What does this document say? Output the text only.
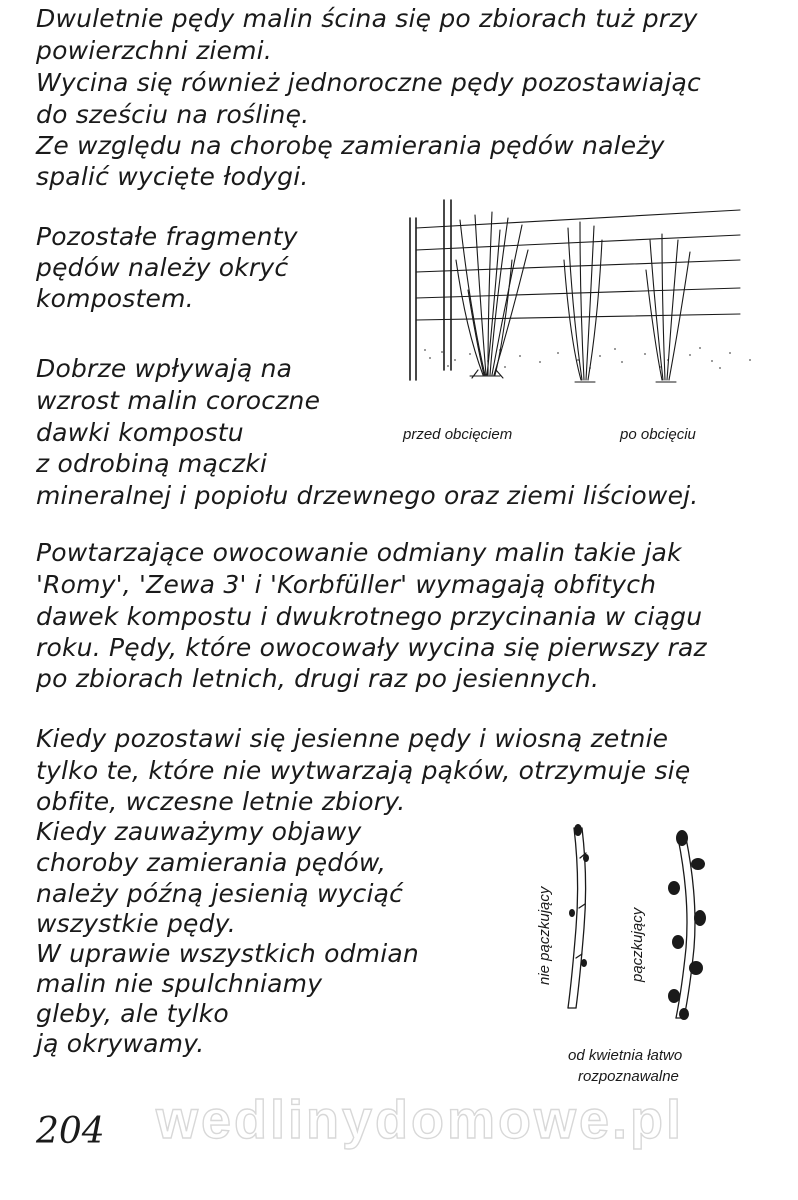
Dwuletnie pędy malin ścina się po zbiorach tuż przy
powierzchni ziemi.
Wycina się również jednoroczne pędy pozostawiając
do sześciu na roślinę.
Ze względu na chorobę zamierania pędów należy
spalić wycięte łodygi.
Pozostałe fragmenty
pędów należy okryć
kompostem.
Dobrze wpływają na
wzrost malin coroczne
dawki kompostu
z odrobiną mączki
mineralnej i popiołu drzewnego oraz ziemi liściowej.
przed obcięciem	po obcięciu
Powtarzające owocowanie odmiany malin takie jak
'Romy', 'Zewa 3' i 'Korbfüller' wymagają obfitych
dawek kompostu i dwukrotnego przycinania w ciągu
roku. Pędy, które owocowały wycina się pierwszy raz
po zbiorach letnich, drugi raz po jesiennych.
Kiedy pozostawi się jesienne pędy i wiosną zetnie
tylko te, które nie wytwarzają pąków, otrzymuje się
obfite, wczesne letnie zbiory.
Kiedy zauważymy objawy
choroby zamierania pędów,
należy późną jesienią wyciąć
wszystkie pędy.
W uprawie wszystkich odmian
malin nie spulchniamy
gleby, ale tylko
ją okrywamy.
nie pączkujący	pączkujący
od kwietnia łatwo
rozpoznawalne
wedlinydomowe.pl
204
